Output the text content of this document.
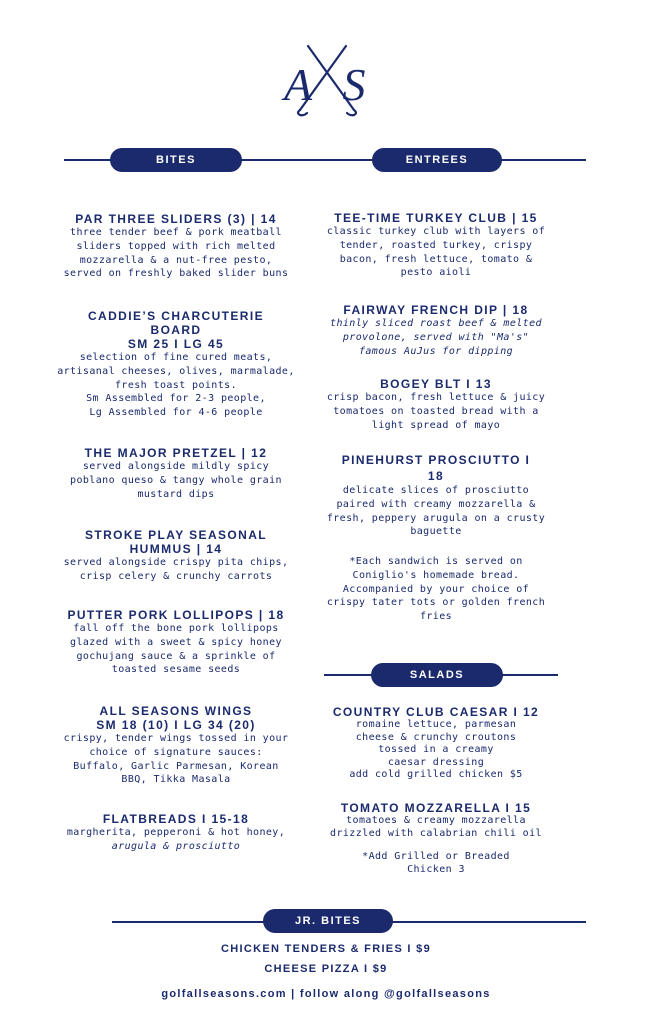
A S
BITES	ENTREES
SALADS
JR. BITES
PAR THREE SLIDERS (3) | 14
three tender beef & pork meatball
sliders topped with rich melted
mozzarella & a nut-free pesto,
served on freshly baked slider buns
CADDIE’S CHARCUTERIE
BOARD
SM 25 I LG 45
selection of fine cured meats,
artisanal cheeses, olives, marmalade,
fresh toast points.
Sm Assembled for 2-3 people,
Lg Assembled for 4-6 people
THE MAJOR PRETZEL | 12
served alongside mildly spicy
poblano queso & tangy whole grain
mustard dips
STROKE PLAY SEASONAL
HUMMUS | 14
served alongside crispy pita chips,
crisp celery & crunchy carrots
PUTTER PORK LOLLIPOPS | 18
fall off the bone pork lollipops
glazed with a sweet & spicy honey
gochujang sauce & a sprinkle of
toasted sesame seeds
ALL SEASONS WINGS
SM 18 (10) I LG 34 (20)
crispy, tender wings tossed in your
choice of signature sauces:
Buffalo, Garlic Parmesan, Korean
BBQ, Tikka Masala
FLATBREADS I 15-18
margherita, pepperoni & hot honey,
arugula & prosciutto
TEE-TIME TURKEY CLUB | 15
classic turkey club with layers of
tender, roasted turkey, crispy
bacon, fresh lettuce, tomato &
pesto aioli
FAIRWAY FRENCH DIP | 18
thinly sliced roast beef & melted
provolone, served with "Ma's"
famous AuJus for dipping
BOGEY BLT I 13
crisp bacon, fresh lettuce & juicy
tomatoes on toasted bread with a
light spread of mayo
PINEHURST PROSCIUTTO I
18
delicate slices of prosciutto
paired with creamy mozzarella &
fresh, peppery arugula on a crusty
baguette
*Each sandwich is served on
Coniglio's homemade bread.
Accompanied by your choice of
crispy tater tots or golden french
fries
COUNTRY CLUB CAESAR I 12
romaine lettuce, parmesan
cheese & crunchy croutons
tossed in a creamy
caesar dressing
add cold grilled chicken $5
TOMATO MOZZARELLA I 15
tomatoes & creamy mozzarella
drizzled with calabrian chili oil
*Add Grilled or Breaded
Chicken 3
CHICKEN TENDERS & FRIES I $9
CHEESE PIZZA I $9
golfallseasons.com | follow along @golfallseasons
